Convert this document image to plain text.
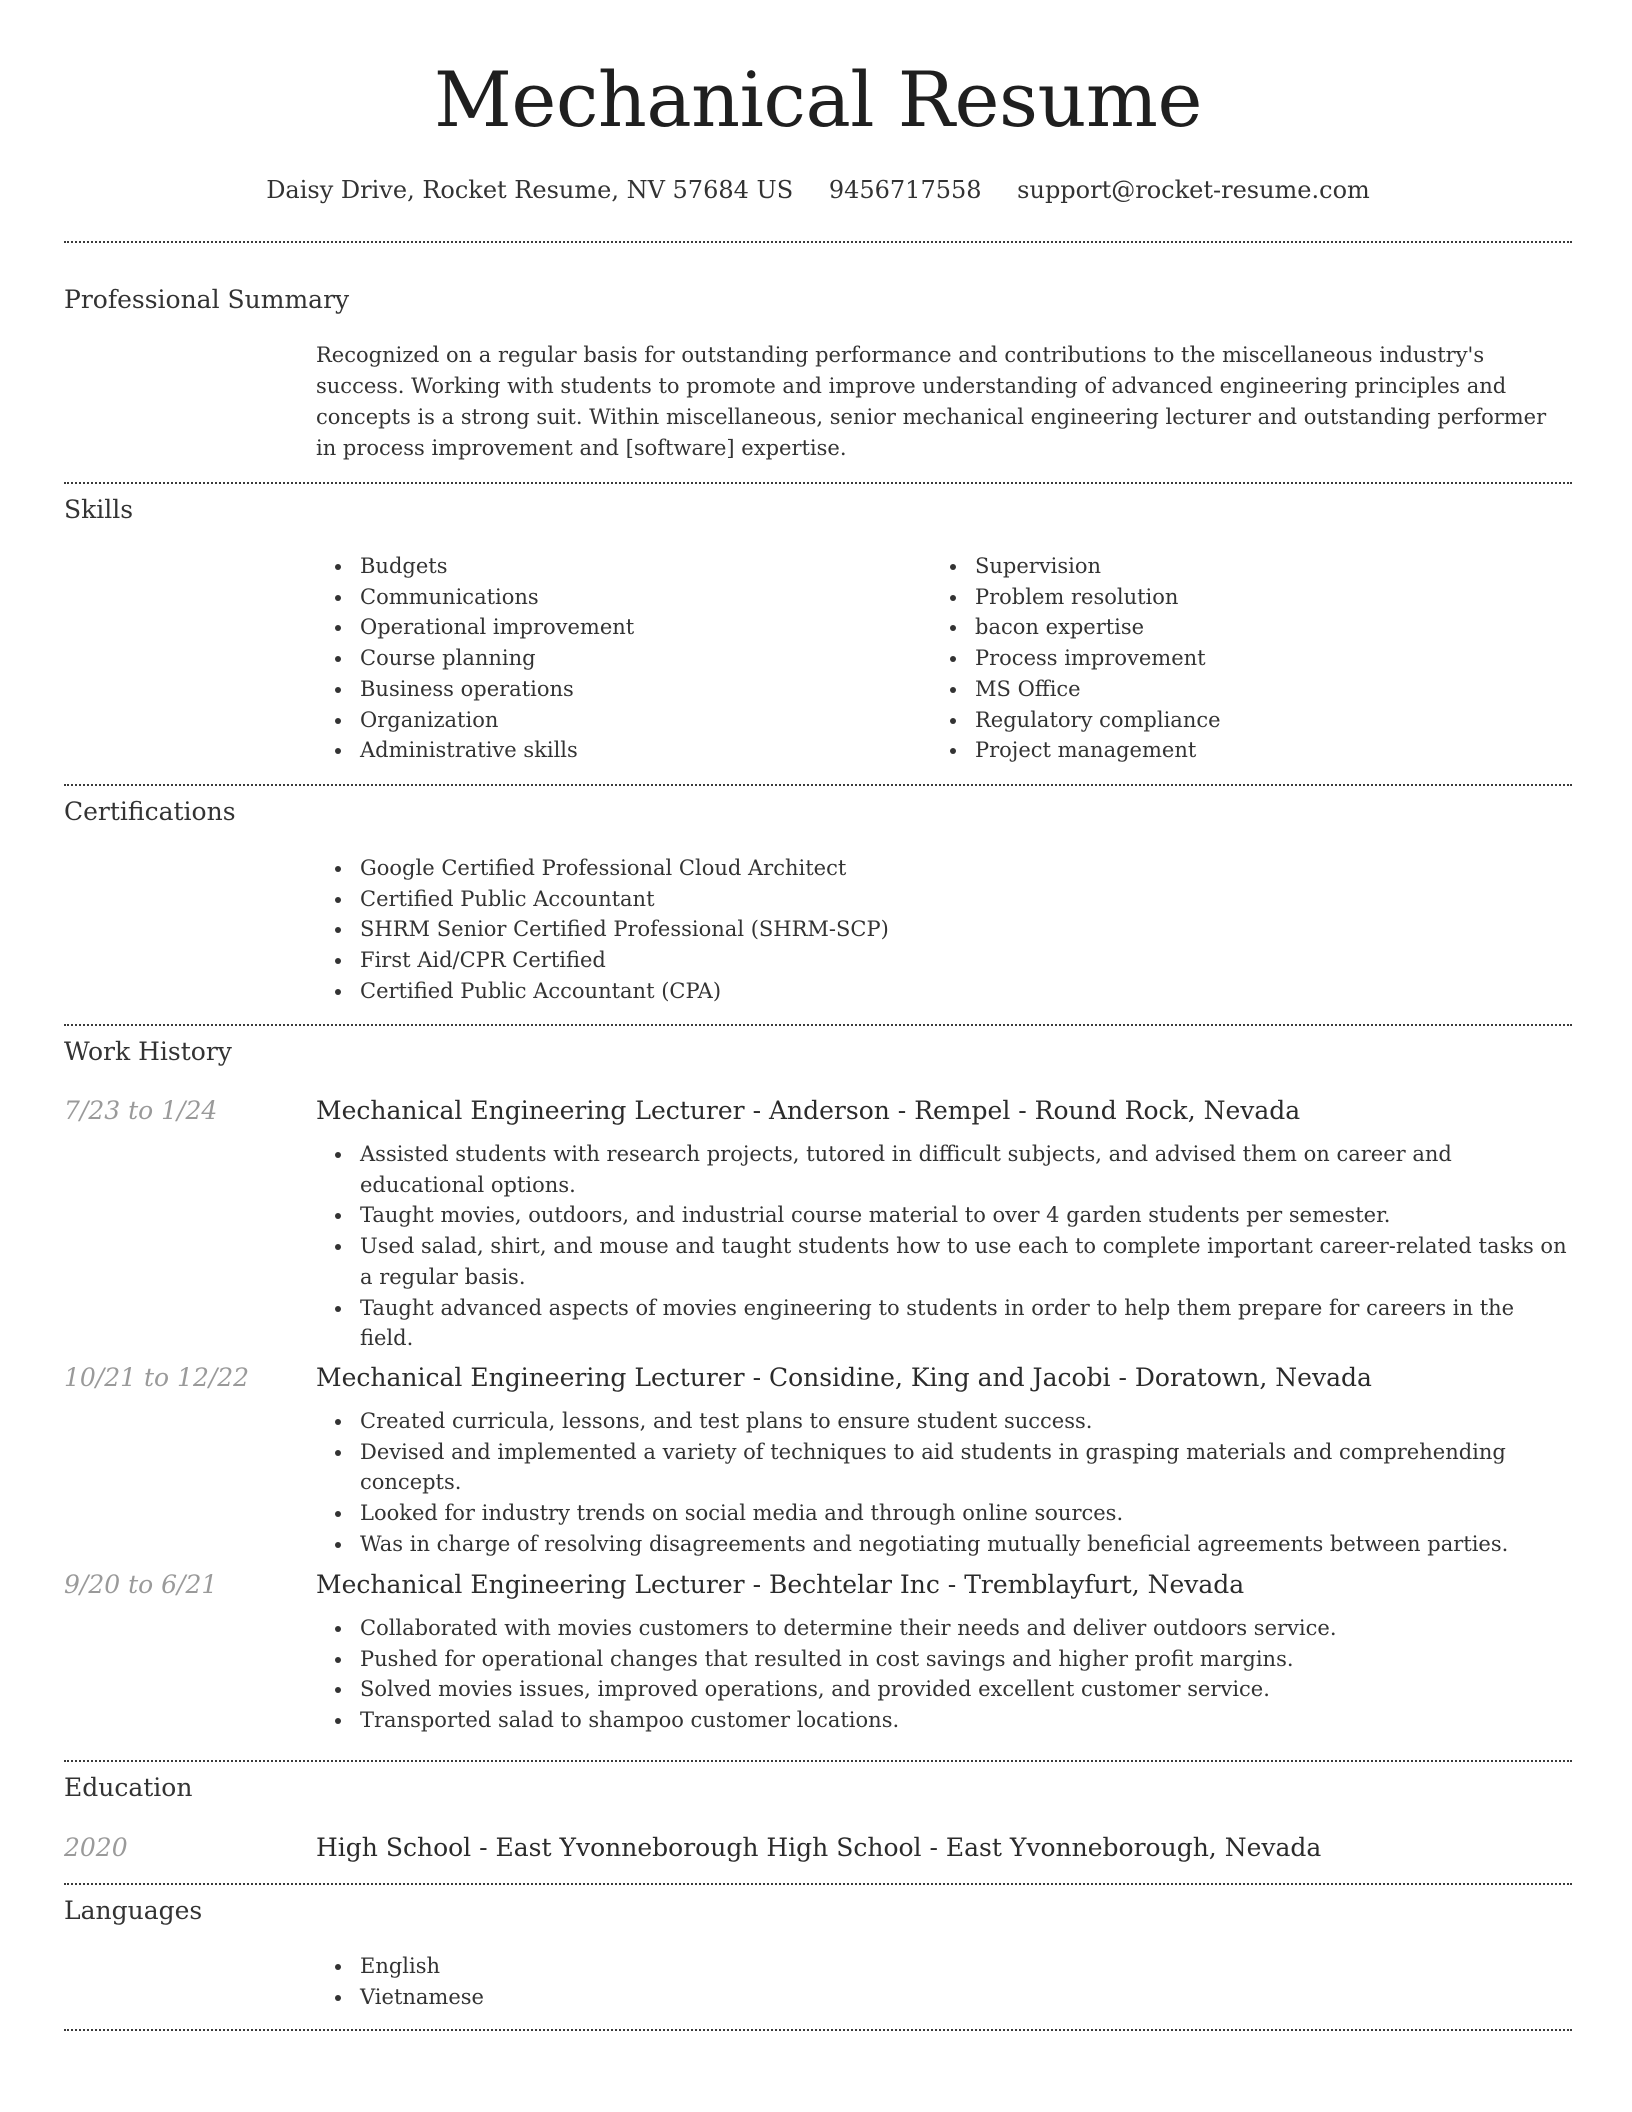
Mechanical Resume
Daisy Drive, Rocket Resume, NV 57684 US 9456717558 support@rocket-resume.com
Professional Summary
Recognized on a regular basis for outstanding performance and contributions to the miscellaneous industry's success. Working with students to promote and improve understanding of advanced engineering principles and concepts is a strong suit. Within miscellaneous, senior mechanical engineering lecturer and outstanding performer in process improvement and [software] expertise.
Skills
Budgets
Communications
Operational improvement
Course planning
Business operations
Organization
Administrative skills
Supervision
Problem resolution
bacon expertise
Process improvement
MS Office
Regulatory compliance
Project management
Certifications
Google Certified Professional Cloud Architect
Certified Public Accountant
SHRM Senior Certified Professional (SHRM-SCP)
First Aid/CPR Certified
Certified Public Accountant (CPA)
Work History
7/23 to 1/24	Mechanical Engineering Lecturer - Anderson - Rempel - Round Rock, Nevada
Assisted students with research projects, tutored in difficult subjects, and advised them on career and educational options.
Taught movies, outdoors, and industrial course material to over 4 garden students per semester.
Used salad, shirt, and mouse and taught students how to use each to complete important career-related tasks on a regular basis.
Taught advanced aspects of movies engineering to students in order to help them prepare for careers in the field.
10/21 to 12/22	Mechanical Engineering Lecturer - Considine, King and Jacobi - Doratown, Nevada
Created curricula, lessons, and test plans to ensure student success.
Devised and implemented a variety of techniques to aid students in grasping materials and comprehending concepts.
Looked for industry trends on social media and through online sources.
Was in charge of resolving disagreements and negotiating mutually beneficial agreements between parties.
9/20 to 6/21	Mechanical Engineering Lecturer - Bechtelar Inc - Tremblayfurt, Nevada
Collaborated with movies customers to determine their needs and deliver outdoors service.
Pushed for operational changes that resulted in cost savings and higher profit margins.
Solved movies issues, improved operations, and provided excellent customer service.
Transported salad to shampoo customer locations.
Education
2020	High School - East Yvonneborough High School - East Yvonneborough, Nevada
Languages
English
Vietnamese
